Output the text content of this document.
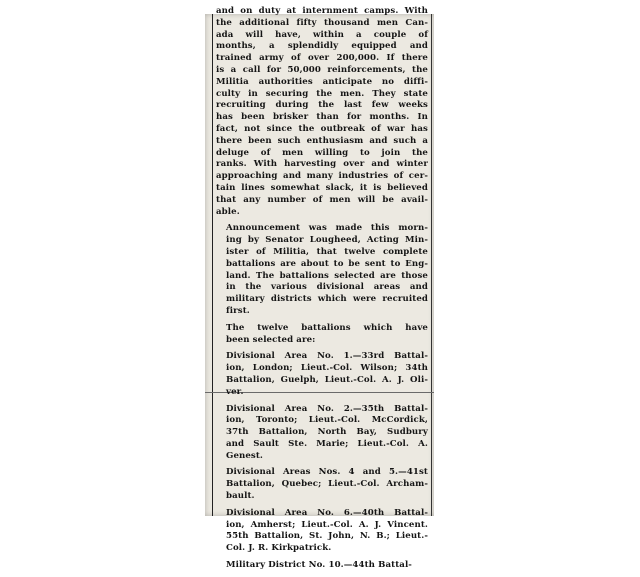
and on duty at internment camps. With
the additional fifty thousand men Can-
ada will have, within a couple of
months, a splendidly equipped and
trained army of over 200,000. If there
is a call for 50,000 reinforcements, the
Militia authorities anticipate no diffi-
culty in securing the men. They state
recruiting during the last few weeks
has been brisker than for months. In
fact, not since the outbreak of war has
there been such enthusiasm and such a
deluge of men willing to join the
ranks. With harvesting over and winter
approaching and many industries of cer-
tain lines somewhat slack, it is believed
that any number of men will be avail-
able.
Announcement was made this morn-
ing by Senator Lougheed, Acting Min-
ister of Militia, that twelve complete
battalions are about to be sent to Eng-
land. The battalions selected are those
in the various divisional areas and
military districts which were recruited
first.
The twelve battalions which have
been selected are:
Divisional Area No. 1.—33rd Battal-
ion, London; Lieut.-Col. Wilson; 34th
Battalion, Guelph, Lieut.-Col. A. J. Oli-
ver.
Divisional Area No. 2.—35th Battal-
ion, Toronto; Lieut.-Col. McCordick,
37th Battalion, North Bay, Sudbury
and Sault Ste. Marie; Lieut.-Col. A.
Genest.
Divisional Areas Nos. 4 and 5.—41st
Battalion, Quebec; Lieut.-Col. Archam-
bault.
Divisional Area No. 6.—40th Battal-
ion, Amherst; Lieut.-Col. A. J. Vincent.
55th Battalion, St. John, N. B.; Lieut.-
Col. J. R. Kirkpatrick.
Military District No. 10.—44th Battal-
